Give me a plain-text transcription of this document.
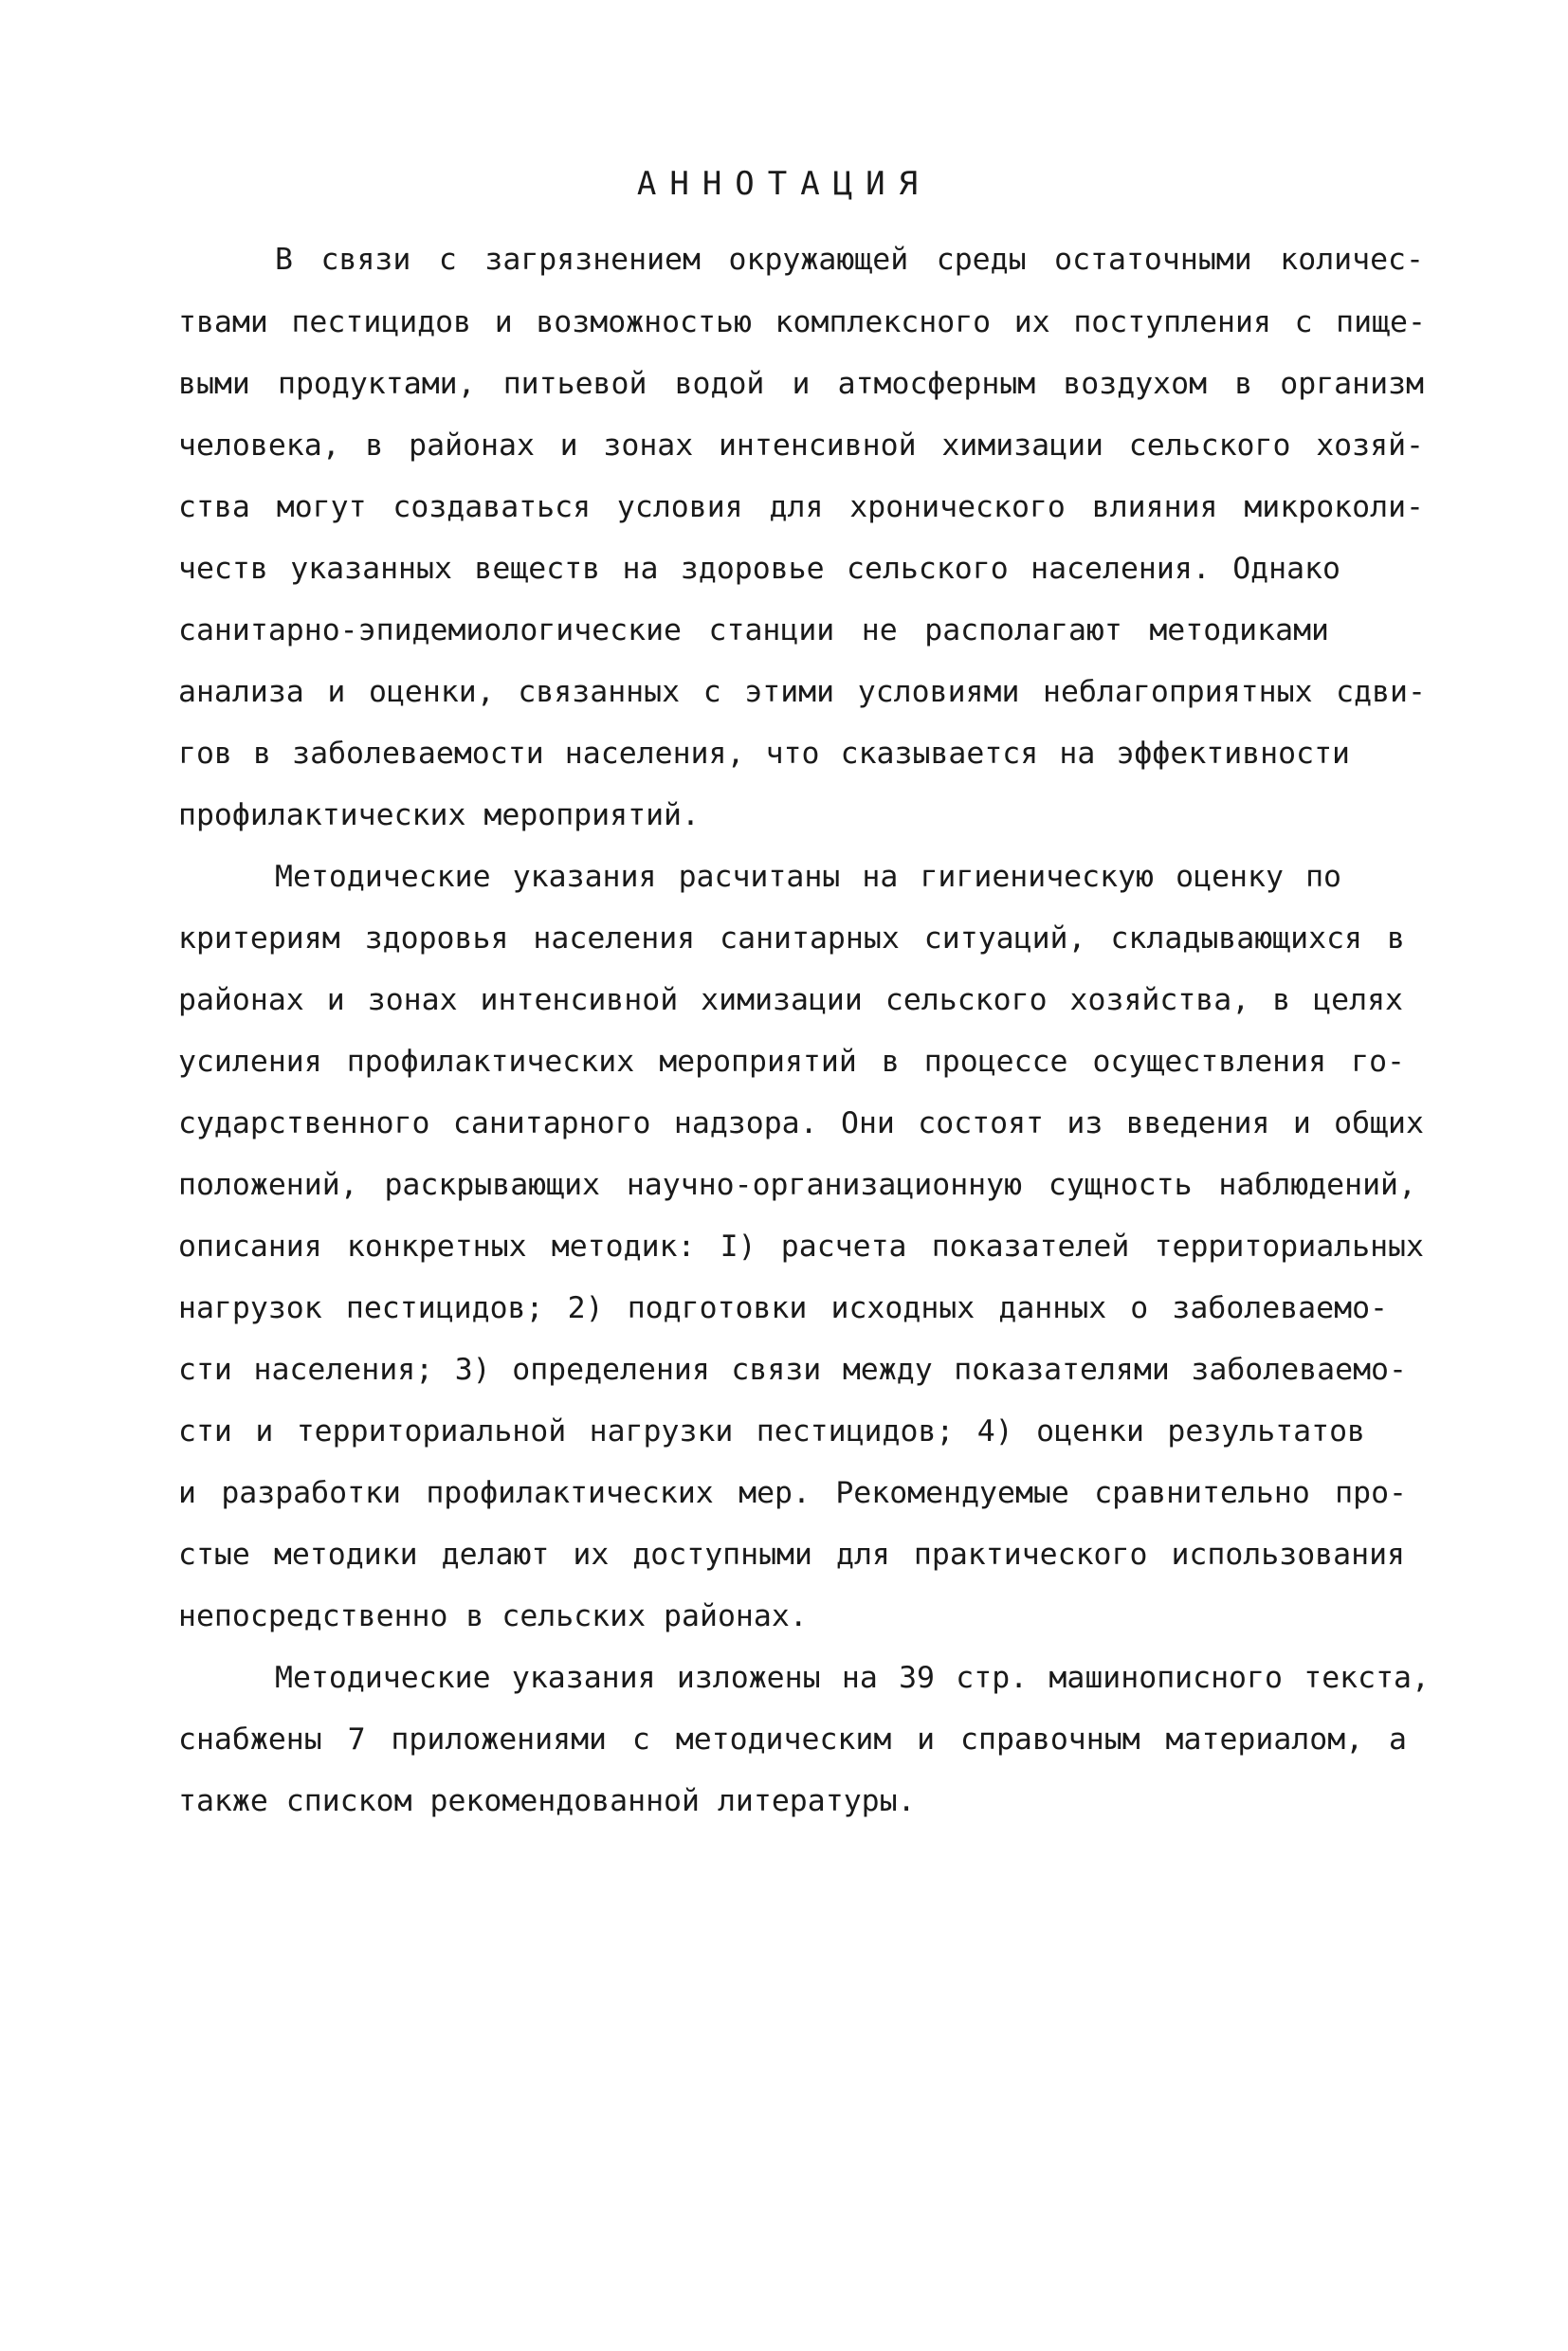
АННОТАЦИЯ
В связи с загрязнением окружающей среды остаточными количес-
твами пестицидов и возможностью комплексного их поступления с пище-
выми продуктами, питьевой водой и атмосферным воздухом в организм
человека, в районах и зонах интенсивной химизации сельского хозяй-
ства могут создаваться условия для хронического влияния микроколи-
честв указанных веществ на здоровье сельского населения. Однако
санитарно-эпидемиологические станции не располагают методиками
анализа и оценки, связанных с этими условиями неблагоприятных сдви-
гов в заболеваемости населения, что сказывается на эффективности
профилактических мероприятий.
Методические указания расчитаны на гигиеническую оценку по
критериям здоровья населения санитарных ситуаций, складывающихся в
районах и зонах интенсивной химизации сельского хозяйства, в целях
усиления профилактических мероприятий в процессе осуществления го-
сударственного санитарного надзора. Они состоят из введения и общих
положений, раскрывающих научно-организационную сущность наблюдений,
описания конкретных методик: I) расчета показателей территориальных
нагрузок пестицидов; 2) подготовки исходных данных о заболеваемо-
сти населения; 3) определения связи между показателями заболеваемо-
сти и территориальной нагрузки пестицидов; 4) оценки результатов
и разработки профилактических мер. Рекомендуемые сравнительно про-
стые методики делают их доступными для практического использования
непосредственно в сельских районах.
Методические указания изложены на 39 стр. машинописного текста,
снабжены 7 приложениями с методическим и справочным материалом, а
также списком рекомендованной литературы.
